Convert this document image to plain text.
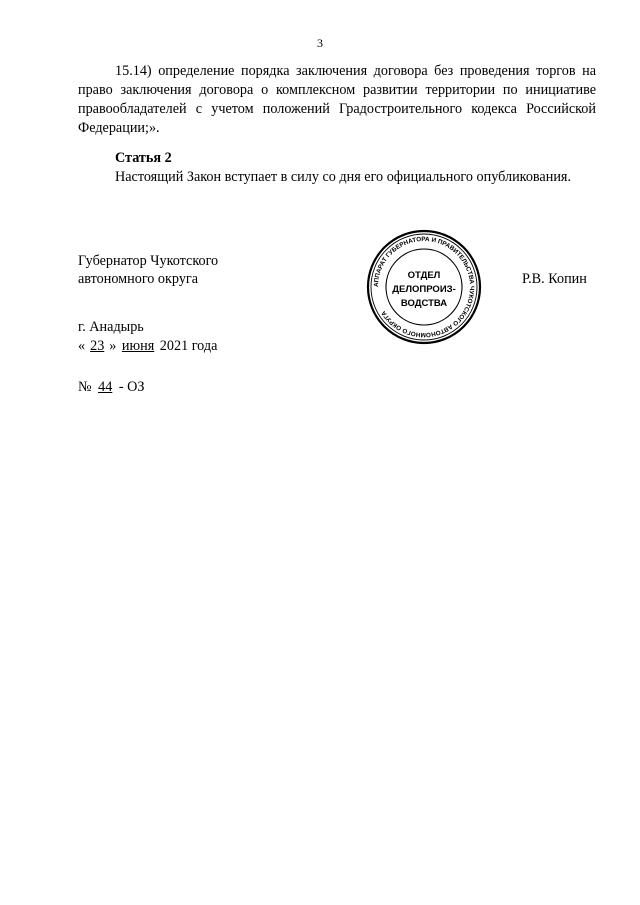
3

15.14) определение порядка заключения договора без проведения торгов на право заключения договора о комплексном развитии территории по инициативе правообладателей с учетом положений Градостроительного кодекса Российской Федерации;».

Статья 2

Настоящий Закон вступает в силу со дня его официального опубликования.

Губернатор Чукотского
автономного округа	Р.В. Копин
АППАРАТ ГУБЕРНАТОРА И ПРАВИТЕЛЬСТВА ЧУКОТСКОГО АВТОНОМНОГО ОКРУГА
ОТДЕЛ
ДЕЛОПРОИЗ-
ВОДСТВА
г. Анадырь
« 23 » июня 2021 года
№ 44 - ОЗ
